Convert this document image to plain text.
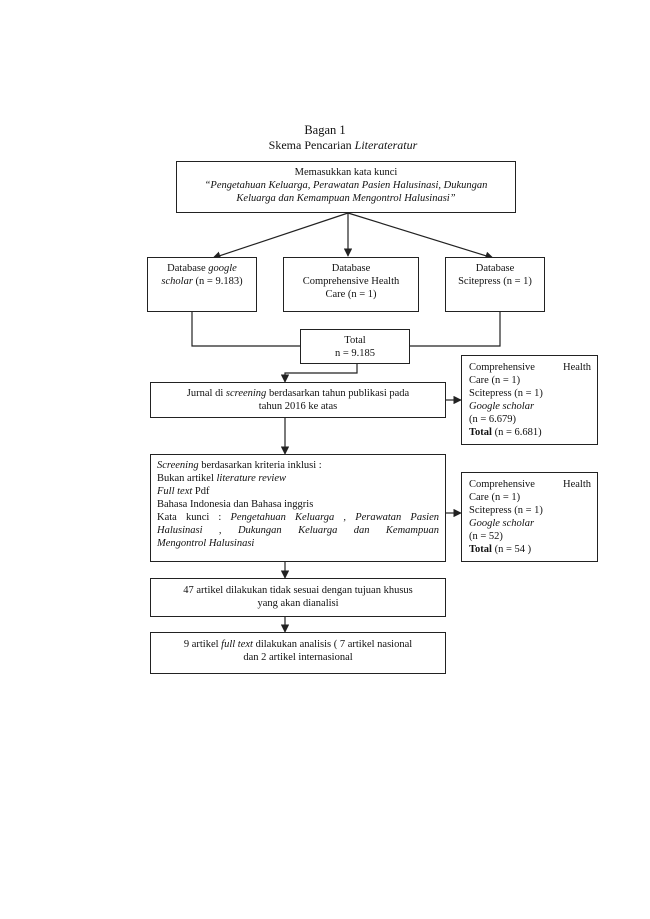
Bagan 1
Skema Pencarian Literateratur
Memasukkan kata kunci
“Pengetahuan Keluarga, Perawatan Pasien Halusinasi, Dukungan
Keluarga dan Kemampuan Mengontrol Halusinasi”
Database google
scholar (n = 9.183)
Database
Comprehensive Health
Care (n = 1)
Database
Scitepress (n = 1)
Total
n = 9.185
Jurnal di screening berdasarkan tahun publikasi pada
tahun 2016 ke atas
Comprehensive	Health
Care (n = 1)
Scitepress (n = 1)
Google scholar
(n = 6.679)
Total (n = 6.681)
Screening berdasarkan kriteria inklusi :
Bukan artikel literature review
Full text Pdf
Bahasa Indonesia dan Bahasa inggris
Kata kunci : Pengetahuan Keluarga , Perawatan Pasien
Halusinasi , Dukungan Keluarga dan Kemampuan
Mengontrol Halusinasi
Comprehensive	Health
Care (n = 1)
Scitepress (n = 1)
Google scholar
(n = 52)
Total (n = 54 )
47 artikel dilakukan tidak sesuai dengan tujuan khusus
yang akan dianalisi
9 artikel full text dilakukan analisis ( 7 artikel nasional
dan 2 artikel internasional
